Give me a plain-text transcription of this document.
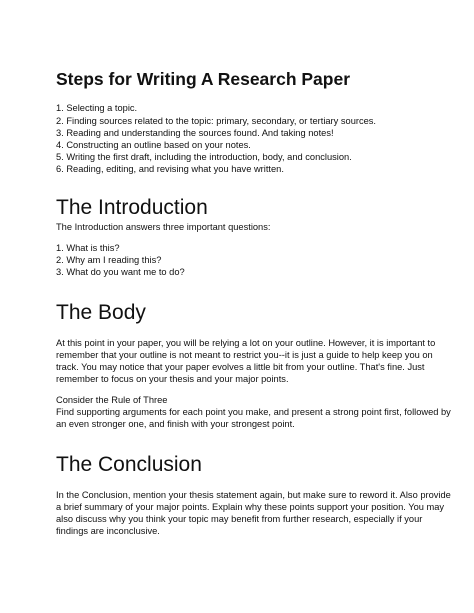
Steps for Writing A Research Paper

1. Selecting a topic.

2. Finding sources related to the topic: primary, secondary, or tertiary sources.

3. Reading and understanding the sources found. And taking notes!

4. Constructing an outline based on your notes.

5. Writing the first draft, including the introduction, body, and conclusion.

6. Reading, editing, and revising what you have written.

The Introduction

The Introduction answers three important questions:

1. What is this?

2. Why am I reading this?

3. What do you want me to do?

The Body

At this point in your paper, you will be relying a lot on your outline. However, it is important to

remember that your outline is not meant to restrict you--it is just a guide to help keep you on

track. You may notice that your paper evolves a little bit from your outline. That's fine. Just

remember to focus on your thesis and your major points.

Consider the Rule of Three

Find supporting arguments for each point you make, and present a strong point first, followed by

an even stronger one, and finish with your strongest point.

The Conclusion

In the Conclusion, mention your thesis statement again, but make sure to reword it. Also provide

a brief summary of your major points. Explain why these points support your position. You may

also discuss why you think your topic may benefit from further research, especially if your

findings are inconclusive.
